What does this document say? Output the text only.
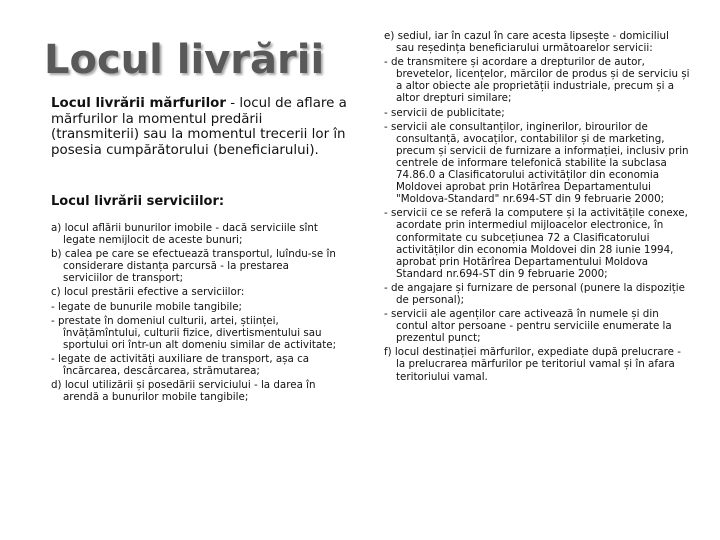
Locul livrării

Locul livrării mărfurilor - locul de aflare a mărfurilor la momentul predării (transmiterii) sau la momentul trecerii lor în posesia cumpărătorului (beneficiarului).

Locul livrării serviciilor:

a) locul aflării bunurilor imobile - dacă serviciile sînt legate nemijlocit de aceste bunuri;
b) calea pe care se efectuează transportul, luîndu-se în considerare distanța parcursă - la prestarea serviciilor de transport;
c) locul prestării efective a serviciilor:
- legate de bunurile mobile tangibile;
- prestate în domeniul culturii, artei, științei, învățămîntului, culturii fizice, divertismentului sau sportului ori într-un alt domeniu similar de activitate;
- legate de activități auxiliare de transport, așa ca încărcarea, descărcarea, strămutarea;
d) locul utilizării și posedării serviciului - la darea în arendă a bunurilor mobile tangibile;
e) sediul, iar în cazul în care acesta lipsește - domiciliul sau reședința beneficiarului următoarelor servicii:
- de transmitere și acordare a drepturilor de autor, brevetelor, licențelor, mărcilor de produs și de serviciu și a altor obiecte ale proprietății industriale, precum și a altor drepturi similare;
- servicii de publicitate;
- servicii ale consultanților, inginerilor, birourilor de consultanță, avocaților, contabililor și de marketing, precum și servicii de furnizare a informației, inclusiv prin centrele de informare telefonică stabilite la subclasa 74.86.0 a Clasificatorului activităților din economia Moldovei aprobat prin Hotărîrea Departamentului "Moldova-Standard" nr.694-ST din 9 februarie 2000;
- servicii ce se referă la computere și la activitățile conexe, acordate prin intermediul mijloacelor electronice, în conformitate cu subcețiunea 72 a Clasificatorului activităților din economia Moldovei din 28 iunie 1994, aprobat prin Hotărîrea Departamentului Moldova Standard nr.694-ST din 9 februarie 2000;
- de angajare și furnizare de personal (punere la dispoziție de personal);
- servicii ale agenților care activează în numele și din contul altor persoane - pentru serviciile enumerate la prezentul punct;
f) locul destinației mărfurilor, expediate după prelucrare - la prelucrarea mărfurilor pe teritoriul vamal și în afara teritoriului vamal.
